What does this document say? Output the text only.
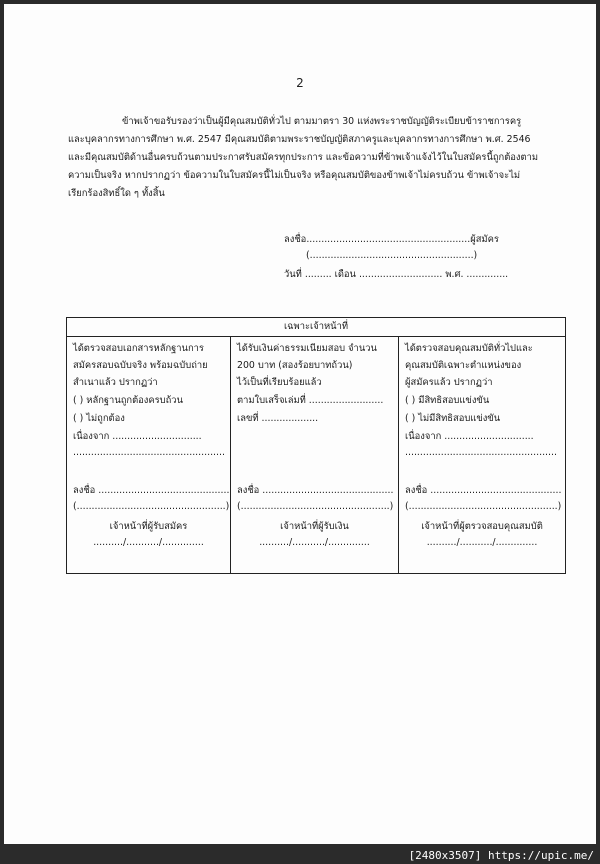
2
ข้าพเจ้าขอรับรองว่าเป็นผู้มีคุณสมบัติทั่วไป ตามมาตรา 30 แห่งพระราชบัญญัติระเบียบข้าราชการครู
และบุคลากรทางการศึกษา พ.ศ. 2547 มีคุณสมบัติตามพระราชบัญญัติสภาครูและบุคลากรทางการศึกษา พ.ศ. 2546
และมีคุณสมบัติด้านอื่นครบถ้วนตามประกาศรับสมัครทุกประการ และข้อความที่ข้าพเจ้าแจ้งไว้ในใบสมัครนี้ถูกต้องตาม
ความเป็นจริง หากปรากฏว่า ข้อความในใบสมัครนี้ไม่เป็นจริง หรือคุณสมบัติของข้าพเจ้าไม่ครบถ้วน ข้าพเจ้าจะไม่
เรียกร้องสิทธิ์ใด ๆ ทั้งสิ้น
ลงชื่อ.......................................................ผู้สมัคร
(.......................................................)
วันที่ ......... เดือน ............................ พ.ศ. ..............
เฉพาะเจ้าหน้าที่
ได้ตรวจสอบเอกสารหลักฐานการ
สมัครสอบฉบับจริง พร้อมฉบับถ่าย
สำเนาแล้ว ปรากฏว่า
( ) หลักฐานถูกต้องครบถ้วน
( ) ไม่ถูกต้อง
เนื่องจาก ..............................
...................................................
ลงชื่อ ............................................
(..................................................)
เจ้าหน้าที่ผู้รับสมัคร
........../.........../..............
ได้รับเงินค่าธรรมเนียมสอบ จำนวน
200 บาท (สองร้อยบาทถ้วน)
ไว้เป็นที่เรียบร้อยแล้ว
ตามใบเสร็จเล่มที่ .........................
เลขที่ ...................
ลงชื่อ ............................................
(..................................................)
เจ้าหน้าที่ผู้รับเงิน
........../.........../..............
ได้ตรวจสอบคุณสมบัติทั่วไปและ
คุณสมบัติเฉพาะตำแหน่งของ
ผู้สมัครแล้ว ปรากฏว่า
( ) มีสิทธิสอบแข่งขัน
( ) ไม่มีสิทธิสอบแข่งขัน
เนื่องจาก ..............................
...................................................
ลงชื่อ ............................................
(..................................................)
เจ้าหน้าที่ผู้ตรวจสอบคุณสมบัติ
........../.........../..............
[2480x3507] https://upic.me/
